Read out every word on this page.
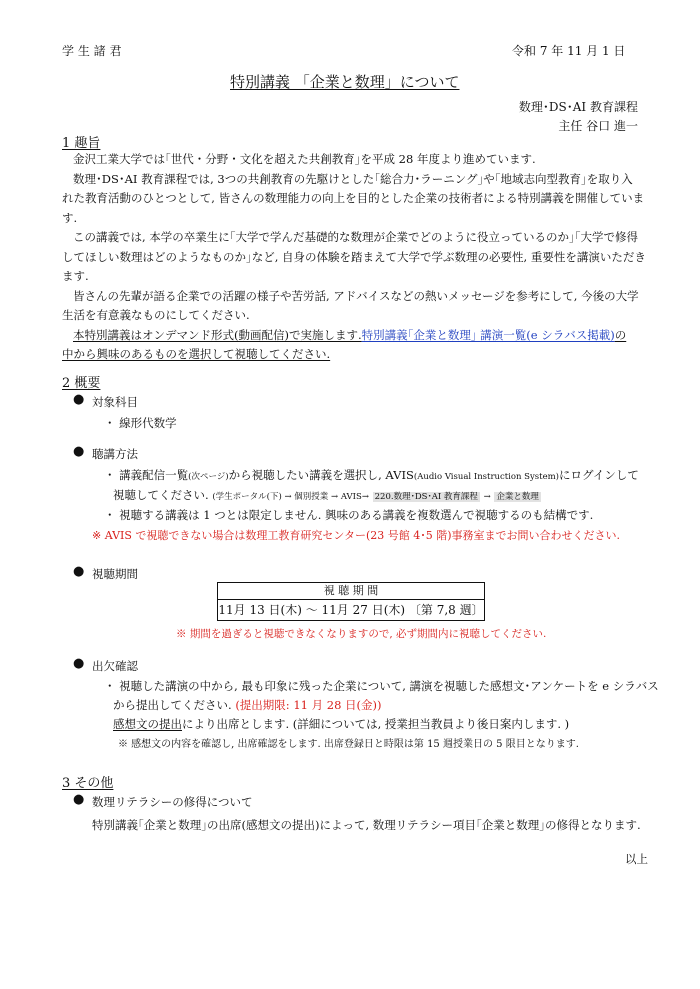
学 生 諸 君	令和 7 年 11 月 1 日
特別講義 「企業と数理」について
数理･DS･AI 教育課程
主任 谷口 進一
1 趣旨
金沢工業大学では｢世代・分野・文化を超えた共創教育｣を平成 28 年度より進めています.
数理･DS･AI 教育課程では, 3つの共創教育の先駆けとした｢総合力･ラーニング｣や｢地域志向型教育｣を取り入
れた教育活動のひとつとして, 皆さんの数理能力の向上を目的とした企業の技術者による特別講義を開催していま
す.
この講義では, 本学の卒業生に｢大学で学んだ基礎的な数理が企業でどのように役立っているのか｣｢大学で修得
してほしい数理はどのようなものか｣など, 自身の体験を踏まえて大学で学ぶ数理の必要性, 重要性を講演いただき
ます.
皆さんの先輩が語る企業での活躍の様子や苦労話, アドバイスなどの熱いメッセージを参考にして, 今後の大学
生活を有意義なものにしてください.
本特別講義はオンデマンド形式(動画配信)で実施します.特別講義｢企業と数理｣ 講演一覧(e シラバス掲載)の
中から興味のあるものを選択して視聴してください.
2 概要
● 対象科目
・ 線形代数学
● 聴講方法
・ 講義配信一覧(次ページ)から視聴したい講義を選択し, AVIS(Audio Visual Instruction System)にログインして
視聴してください. (学生ポータル(下) → 個別授業 → AVIS→ 220.数理･DS･AI 教育課程 → 企業と数理
・ 視聴する講義は 1 つとは限定しません. 興味のある講義を複数選んで視聴するのも結構です.
※ AVIS で視聴できない場合は数理工教育研究センター(23 号館 4･5 階)事務室までお問い合わせください.
● 視聴期間
視 聴 期 間
11月 13 日(木) ～ 11月 27 日(木) 〔第 7,8 週〕
※ 期間を過ぎると視聴できなくなりますので, 必ず期間内に視聴してください.
● 出欠確認
・ 視聴した講演の中から, 最も印象に残った企業について, 講演を視聴した感想文･アンケートを e シラバス
から提出してください. (提出期限: 11 月 28 日(金))
感想文の提出により出席とします. (詳細については, 授業担当教員より後日案内します. )
※ 感想文の内容を確認し, 出席確認をします. 出席登録日と時限は第 15 週授業日の 5 限目となります.
3 その他
● 数理リテラシーの修得について
特別講義｢企業と数理｣の出席(感想文の提出)によって, 数理リテラシー項目｢企業と数理｣の修得となります.
以上
